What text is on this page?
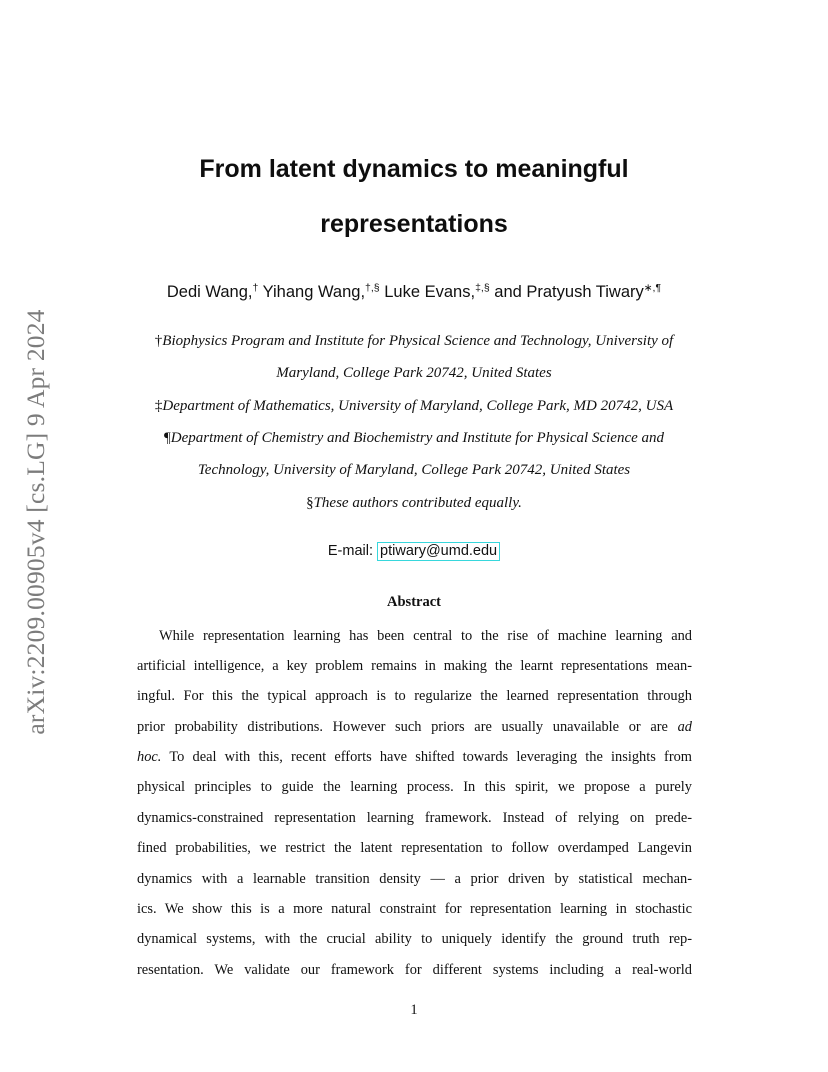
arXiv:2209.00905v4 [cs.LG] 9 Apr 2024
From latent dynamics to meaningful
representations
Dedi Wang,† Yihang Wang,†,§ Luke Evans,‡,§ and Pratyush Tiwary∗,¶
†Biophysics Program and Institute for Physical Science and Technology, University of
Maryland, College Park 20742, United States
‡Department of Mathematics, University of Maryland, College Park, MD 20742, USA
¶Department of Chemistry and Biochemistry and Institute for Physical Science and
Technology, University of Maryland, College Park 20742, United States
§These authors contributed equally.
E-mail: ptiwary@umd.edu
Abstract
While representation learning has been central to the rise of machine learning and
artificial intelligence, a key problem remains in making the learnt representations mean-
ingful. For this the typical approach is to regularize the learned representation through
prior probability distributions. However such priors are usually unavailable or are ad
hoc. To deal with this, recent efforts have shifted towards leveraging the insights from
physical principles to guide the learning process. In this spirit, we propose a purely
dynamics-constrained representation learning framework. Instead of relying on prede-
fined probabilities, we restrict the latent representation to follow overdamped Langevin
dynamics with a learnable transition density — a prior driven by statistical mechan-
ics. We show this is a more natural constraint for representation learning in stochastic
dynamical systems, with the crucial ability to uniquely identify the ground truth rep-
resentation. We validate our framework for different systems including a real-world
1
